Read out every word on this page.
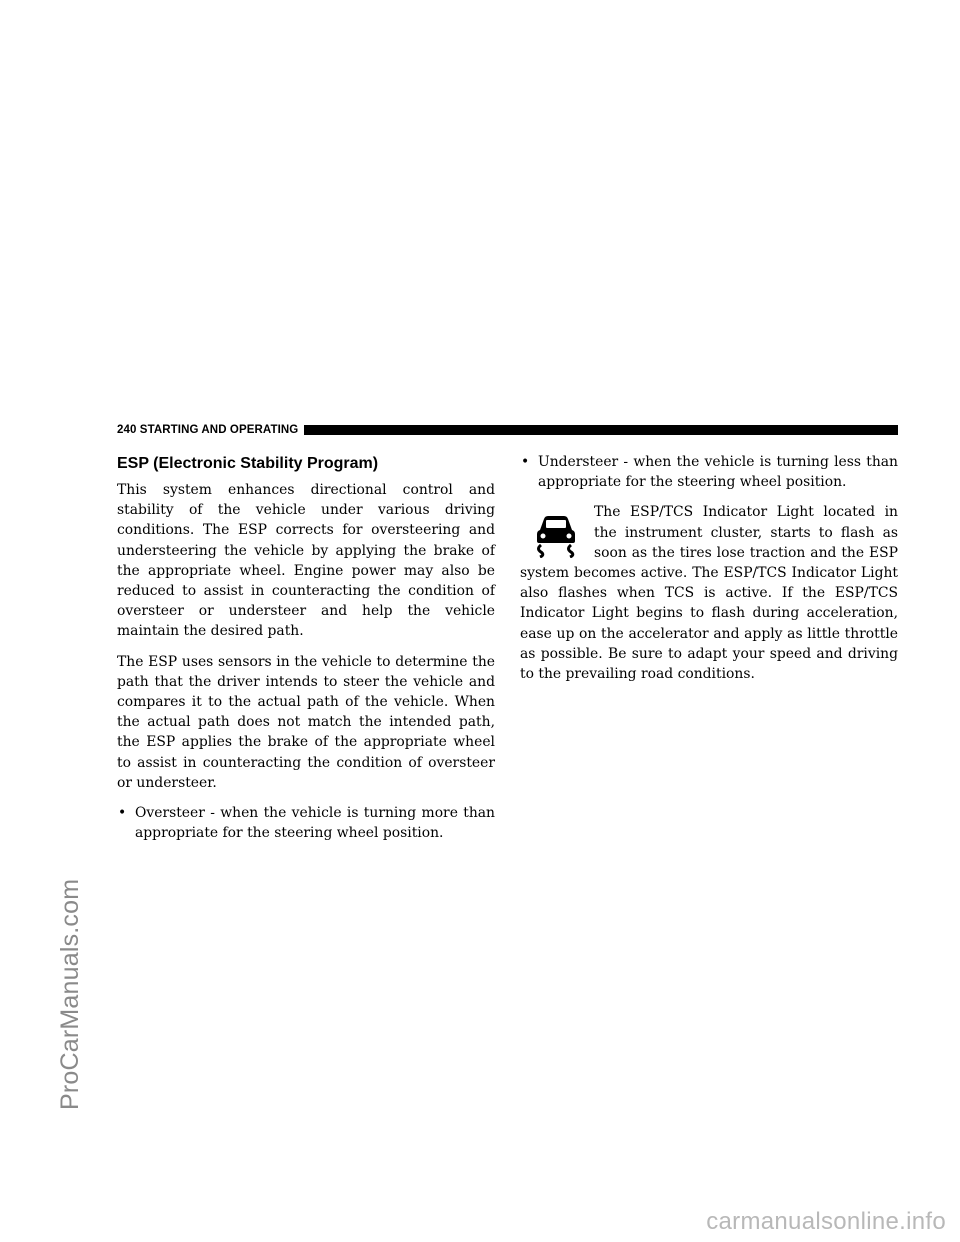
ProCarManuals.com
240 STARTING AND OPERATING
ESP (Electronic Stability Program)

This system enhances directional control and stability of the vehicle under various driving conditions. The ESP corrects for oversteering and understeering the vehicle by applying the brake of the appropriate wheel. Engine power may also be reduced to assist in counteracting the condition of oversteer or understeer and help the vehicle maintain the desired path.

The ESP uses sensors in the vehicle to determine the path that the driver intends to steer the vehicle and compares it to the actual path of the vehicle. When the actual path does not match the intended path, the ESP applies the brake of the appropriate wheel to assist in counteracting the condition of oversteer or understeer.

• Oversteer - when the vehicle is turning more than appropriate for the steering wheel position.

• Understeer - when the vehicle is turning less than appropriate for the steering wheel position.

The ESP/TCS Indicator Light located in the instrument cluster, starts to flash as soon as the tires lose traction and the ESP system becomes active. The ESP/TCS Indicator Light also flashes when TCS is active. If the ESP/TCS Indicator Light begins to flash during acceleration, ease up on the accelerator and apply as little throttle as possible. Be sure to adapt your speed and driving to the prevailing road conditions.

carmanualsonline.info
